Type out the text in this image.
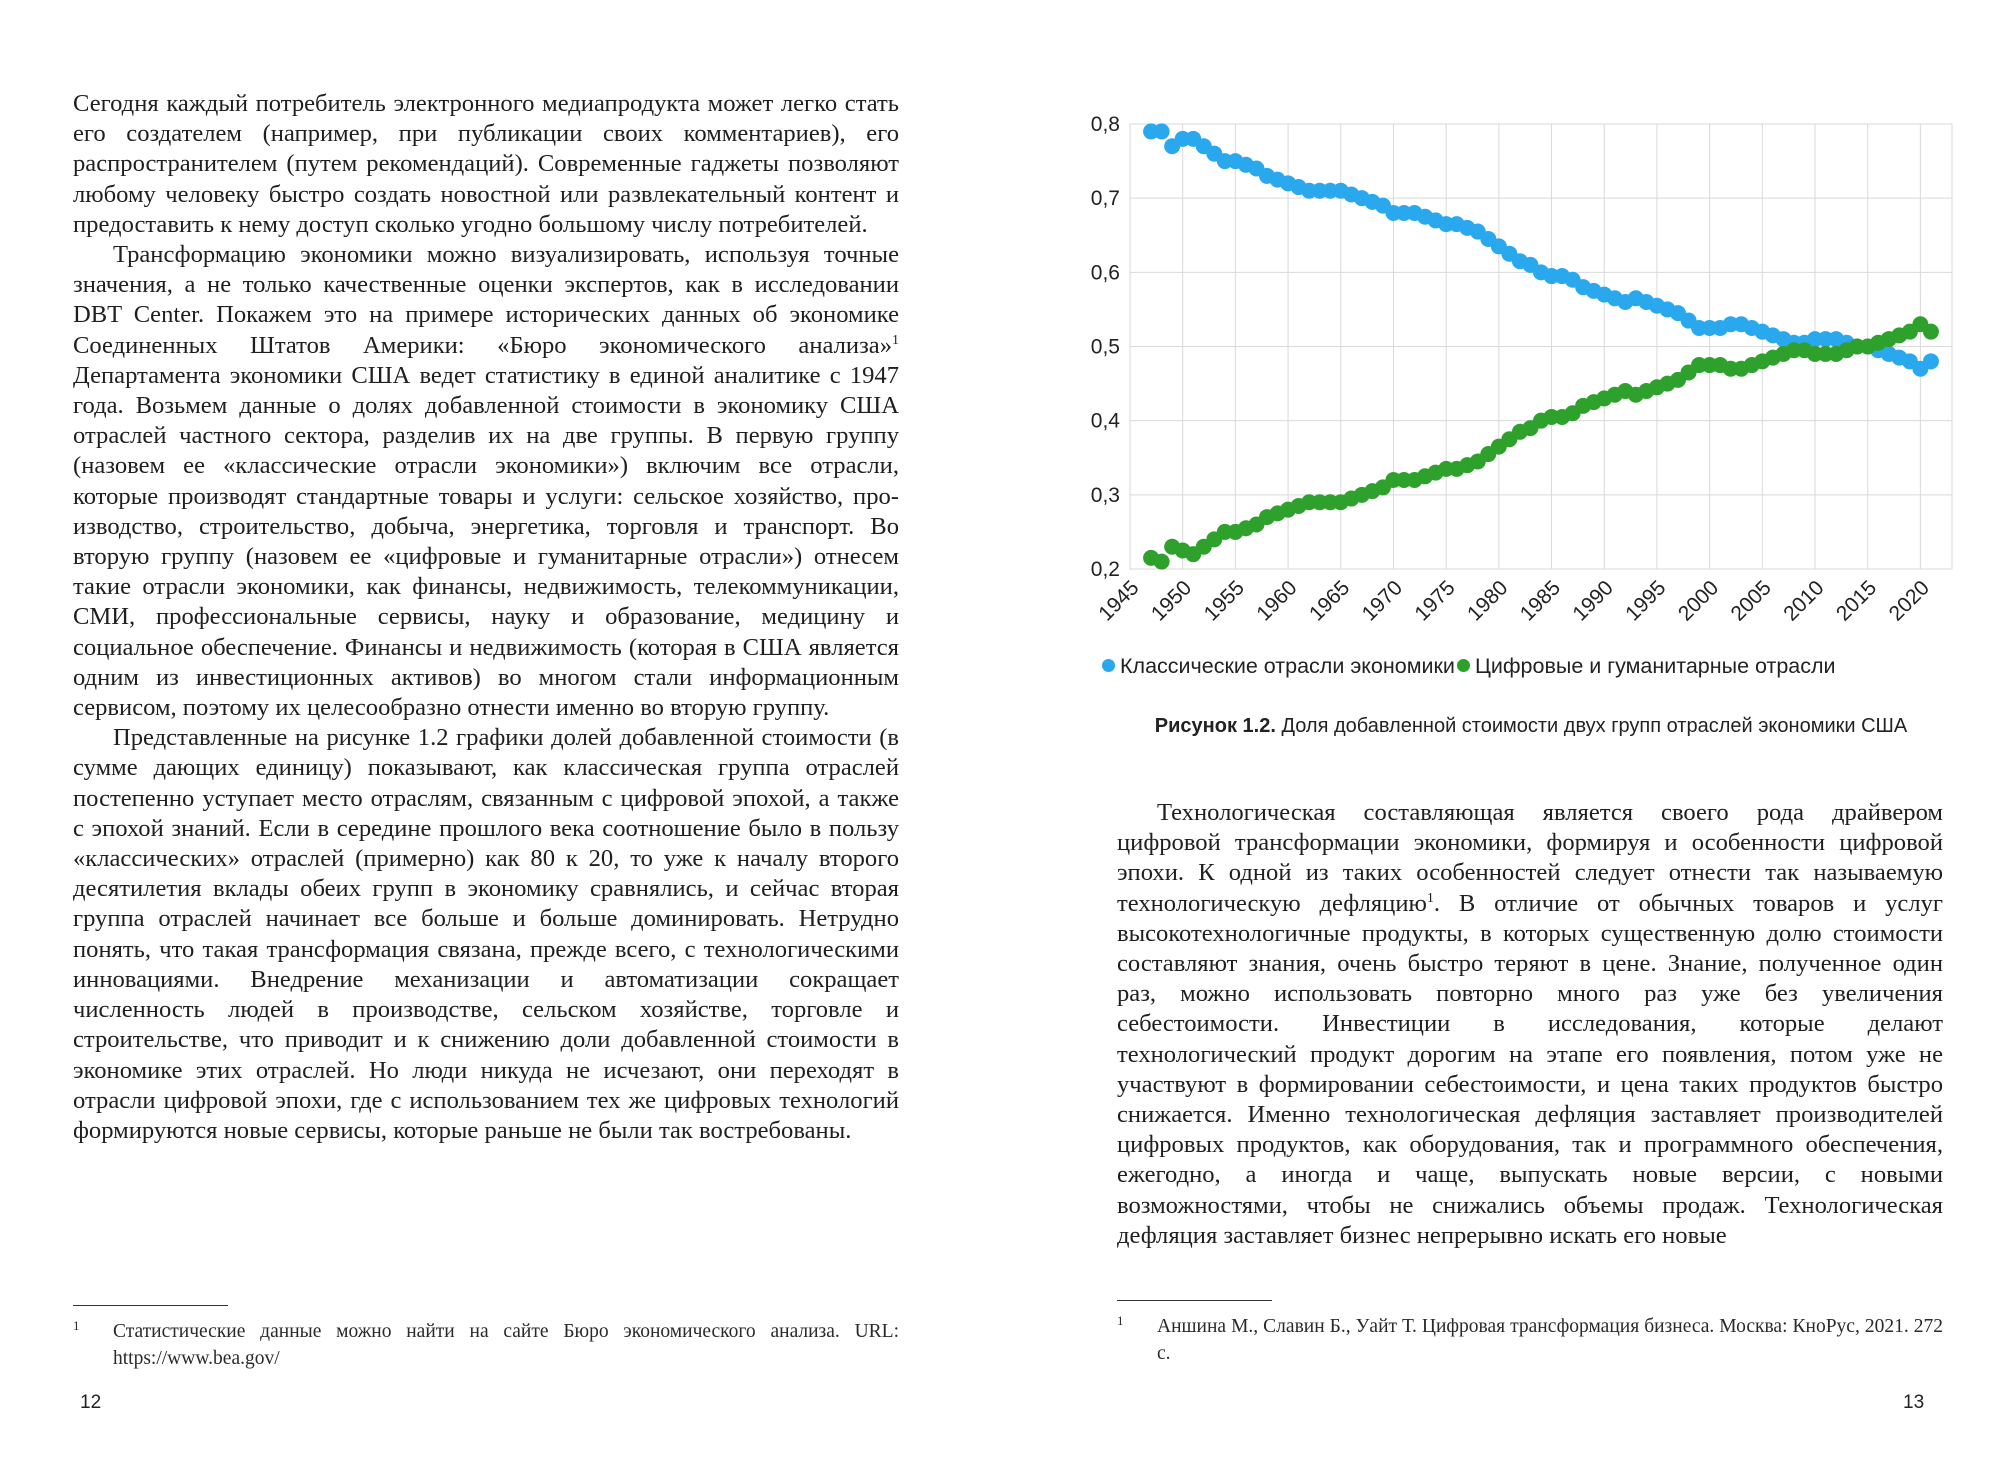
Сегодня каждый потребитель электронного медиапродукта может легко стать его создателем (например, при публикации своих комментариев), его распространителем (путем рекомендаций). Современные гаджеты позволяют любому человеку быстро создать новостной или развлекательный контент и предоставить к нему доступ сколько угодно большому числу потребителей.

Трансформацию экономики можно визуализировать, используя точные значения, а не только качественные оценки экспертов, как в исследовании DBT Center. Покажем это на примере исторических данных об экономике Соединенных Штатов Америки: «Бюро экономического анализа»$^1$ Департамента экономики США ведет статистику в единой аналитике с 1947 года. Возьмем данные о долях добавленной стоимости в экономику США отраслей частного сектора, разделив их на две группы. В первую группу (назовем ее «классические отрасли экономики») включим все отрасли, которые производят стандартные товары и услуги: сельское хозяйство, производство, строительство, добыча, энергетика, торговля и транспорт. Во вторую группу (назовем ее «цифровые и гуманитарные отрасли») отнесем такие отрасли экономики, как финансы, недвижимость, телекоммуникации, СМИ, профессиональные сервисы, науку и образование, медицину и социальное обеспечение. Финансы и недвижимость (которая в США является одним из инвестиционных активов) во многом стали информационным сервисом, поэтому их целесообразно отнести именно во вторую группу.

Представленные на рисунке 1.2 графики долей добавленной стоимости (в сумме дающих единицу) показывают, как классическая группа отраслей постепенно уступает место отраслям, связанным с цифровой эпохой, а также с эпохой знаний. Если в середине прошлого века соотношение было в пользу «классических» отраслей (примерно) как 80 к 20, то уже к началу второго десятилетия вклады обеих групп в экономику сравнялись, и сейчас вторая группа отраслей начинает все больше и больше доминировать. Нетрудно понять, что такая трансформация связана, прежде всего, с технологическими инновациями. Внедрение механизации и автоматизации сокращает численность людей в производстве, сельском хозяйстве, торговле и строительстве, что приводит и к снижению доли добавленной стоимости в экономике этих отраслей. Но люди никуда не исчезают, они переходят в отрасли цифровой эпохи, где с использованием тех же цифровых технологий формируются новые сервисы, которые раньше не были так востребованы.

1	Статистические данные можно найти на сайте Бюро экономического анализа. URL: https://www.bea.gov/
12
0,2
0,3
0,4
0,5
0,6
0,7
0,8
1945 1950 1955 1960 1965 1970 1975 1980 1985 1990 1995 2000 2005 2010 2015 2020
Классические отрасли экономики Цифровые и гуманитарные отрасли
Рисунок 1.2. Доля добавленной стоимости двух групп отраслей экономики США

Технологическая составляющая является своего рода драйвером цифровой трансформации экономики, формируя и особенности цифровой эпохи. К одной из таких особенностей следует отнести так называемую технологическую дефляцию$^1$. В отличие от обычных товаров и услуг высокотехнологичные продукты, в которых существенную долю стоимости составляют знания, очень быстро теряют в цене. Знание, полученное один раз, можно использовать повторно много раз уже без увеличения себестоимости. Инвестиции в исследования, которые делают технологический продукт дорогим на этапе его появления, потом уже не участвуют в формировании себестоимости, и цена таких продуктов быстро снижается. Именно технологическая дефляция заставляет производителей цифровых продуктов, как оборудования, так и программного обеспечения, ежегодно, а иногда и чаще, выпускать новые версии, с новыми возможностями, чтобы не снижались объемы продаж. Технологическая дефляция заставляет бизнес непрерывно искать его новые

1	Аншина М., Славин Б., Уайт Т. Цифровая трансформация бизнеса. Москва: КноРус, 2021. 272 с.
13
